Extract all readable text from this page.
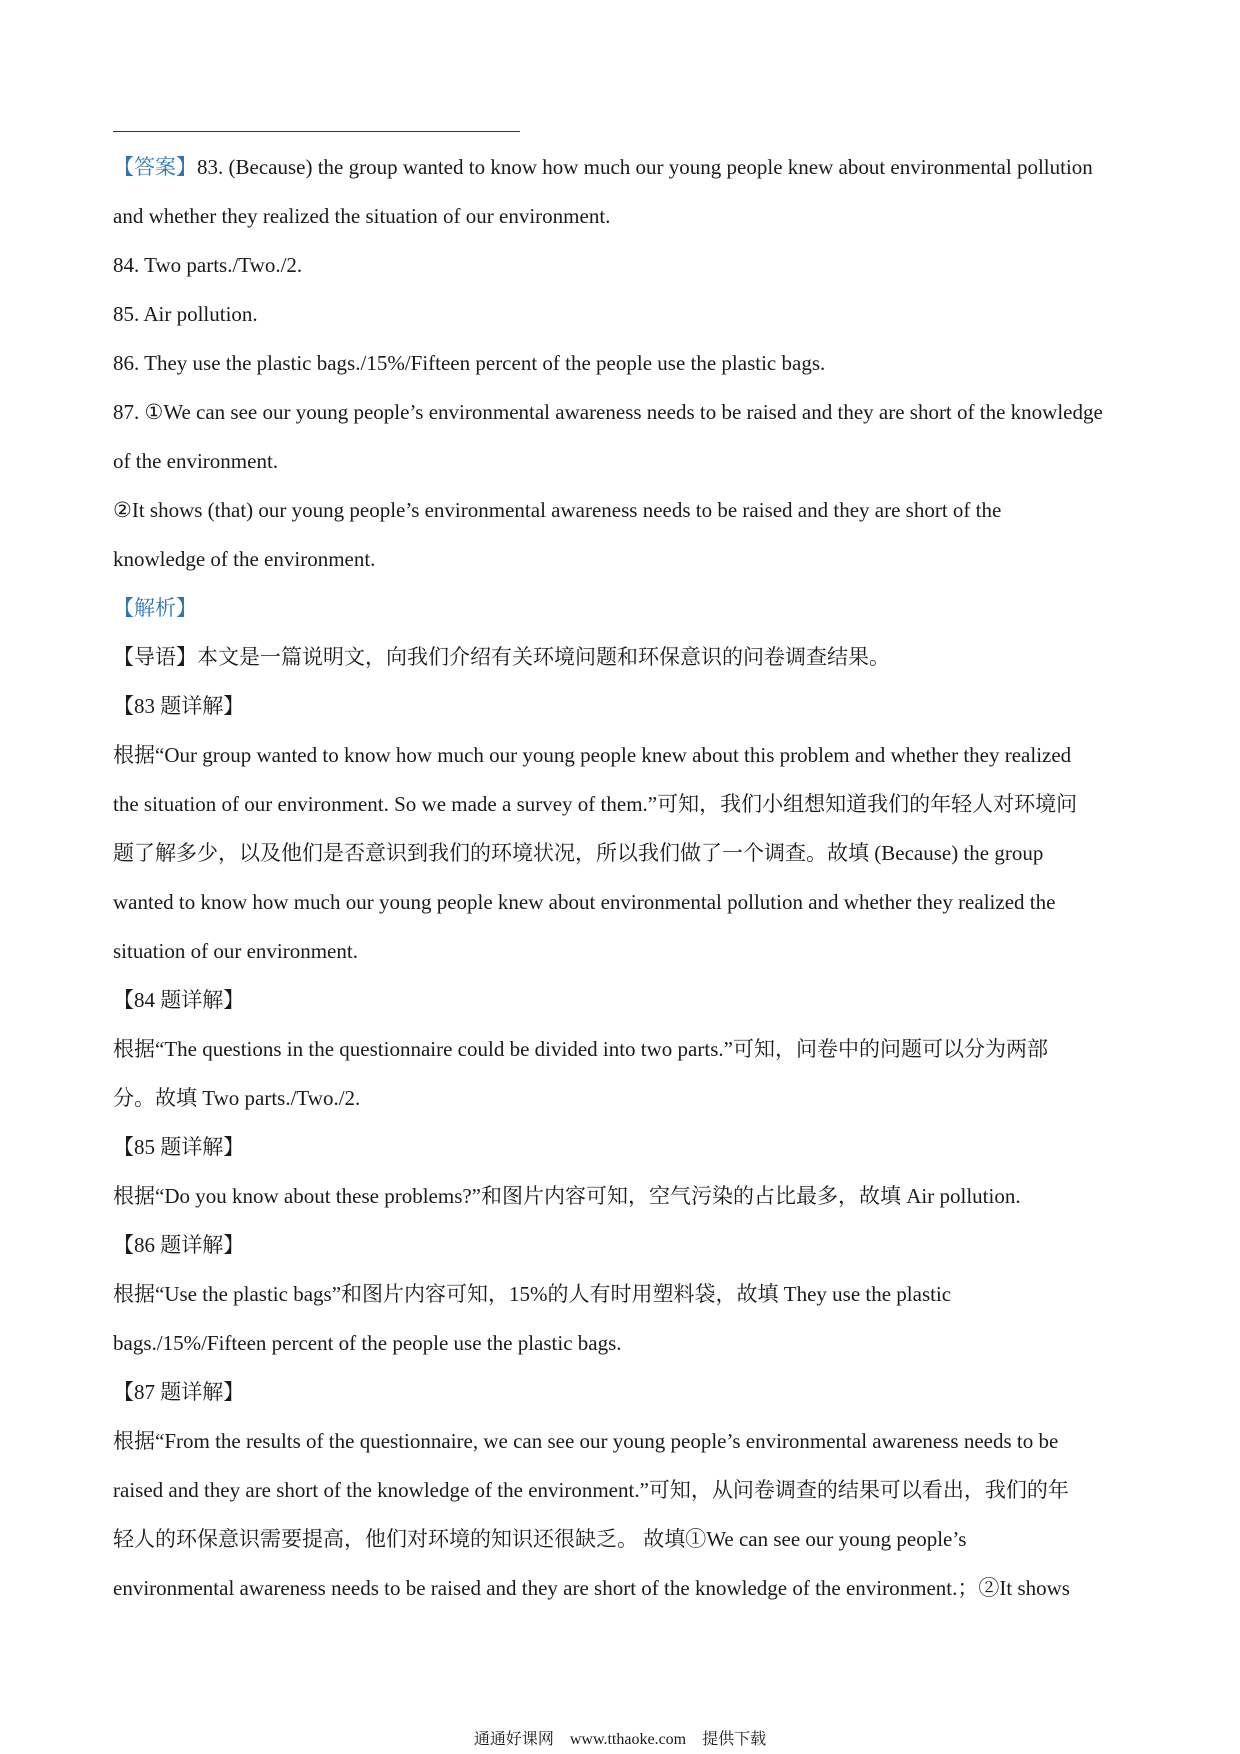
【答案】83. (Because) the group wanted to know how much our young people knew about environmental pollution
and whether they realized the situation of our environment.
84. Two parts./Two./2.
85. Air pollution.
86. They use the plastic bags./15%/Fifteen percent of the people use the plastic bags.
87. ①We can see our young people’s environmental awareness needs to be raised and they are short of the knowledge
of the environment.
②It shows (that) our young people’s environmental awareness needs to be raised and they are short of the
knowledge of the environment.
【解析】
【导语】本文是一篇说明文，向我们介绍有关环境问题和环保意识的问卷调查结果。
【83 题详解】
根据“Our group wanted to know how much our young people knew about this problem and whether they realized
the situation of our environment. So we made a survey of them.”可知，我们小组想知道我们的年轻人对环境问
题了解多少，以及他们是否意识到我们的环境状况，所以我们做了一个调查。故填 (Because) the group
wanted to know how much our young people knew about environmental pollution and whether they realized the
situation of our environment.
【84 题详解】
根据“The questions in the questionnaire could be divided into two parts.”可知，问卷中的问题可以分为两部
分。故填 Two parts./Two./2.
【85 题详解】
根据“Do you know about these problems?”和图片内容可知，空气污染的占比最多，故填 Air pollution.
【86 题详解】
根据“Use the plastic bags”和图片内容可知，15%的人有时用塑料袋，故填 They use the plastic
bags./15%/Fifteen percent of the people use the plastic bags.
【87 题详解】
根据“From the results of the questionnaire, we can see our young people’s environmental awareness needs to be
raised and they are short of the knowledge of the environment.”可知，从问卷调查的结果可以看出，我们的年
轻人的环保意识需要提高，他们对环境的知识还很缺乏。 故填①We can see our young people’s
environmental awareness needs to be raised and they are short of the knowledge of the environment.；②It shows
通通好课网 www.tthaoke.com 提供下载
